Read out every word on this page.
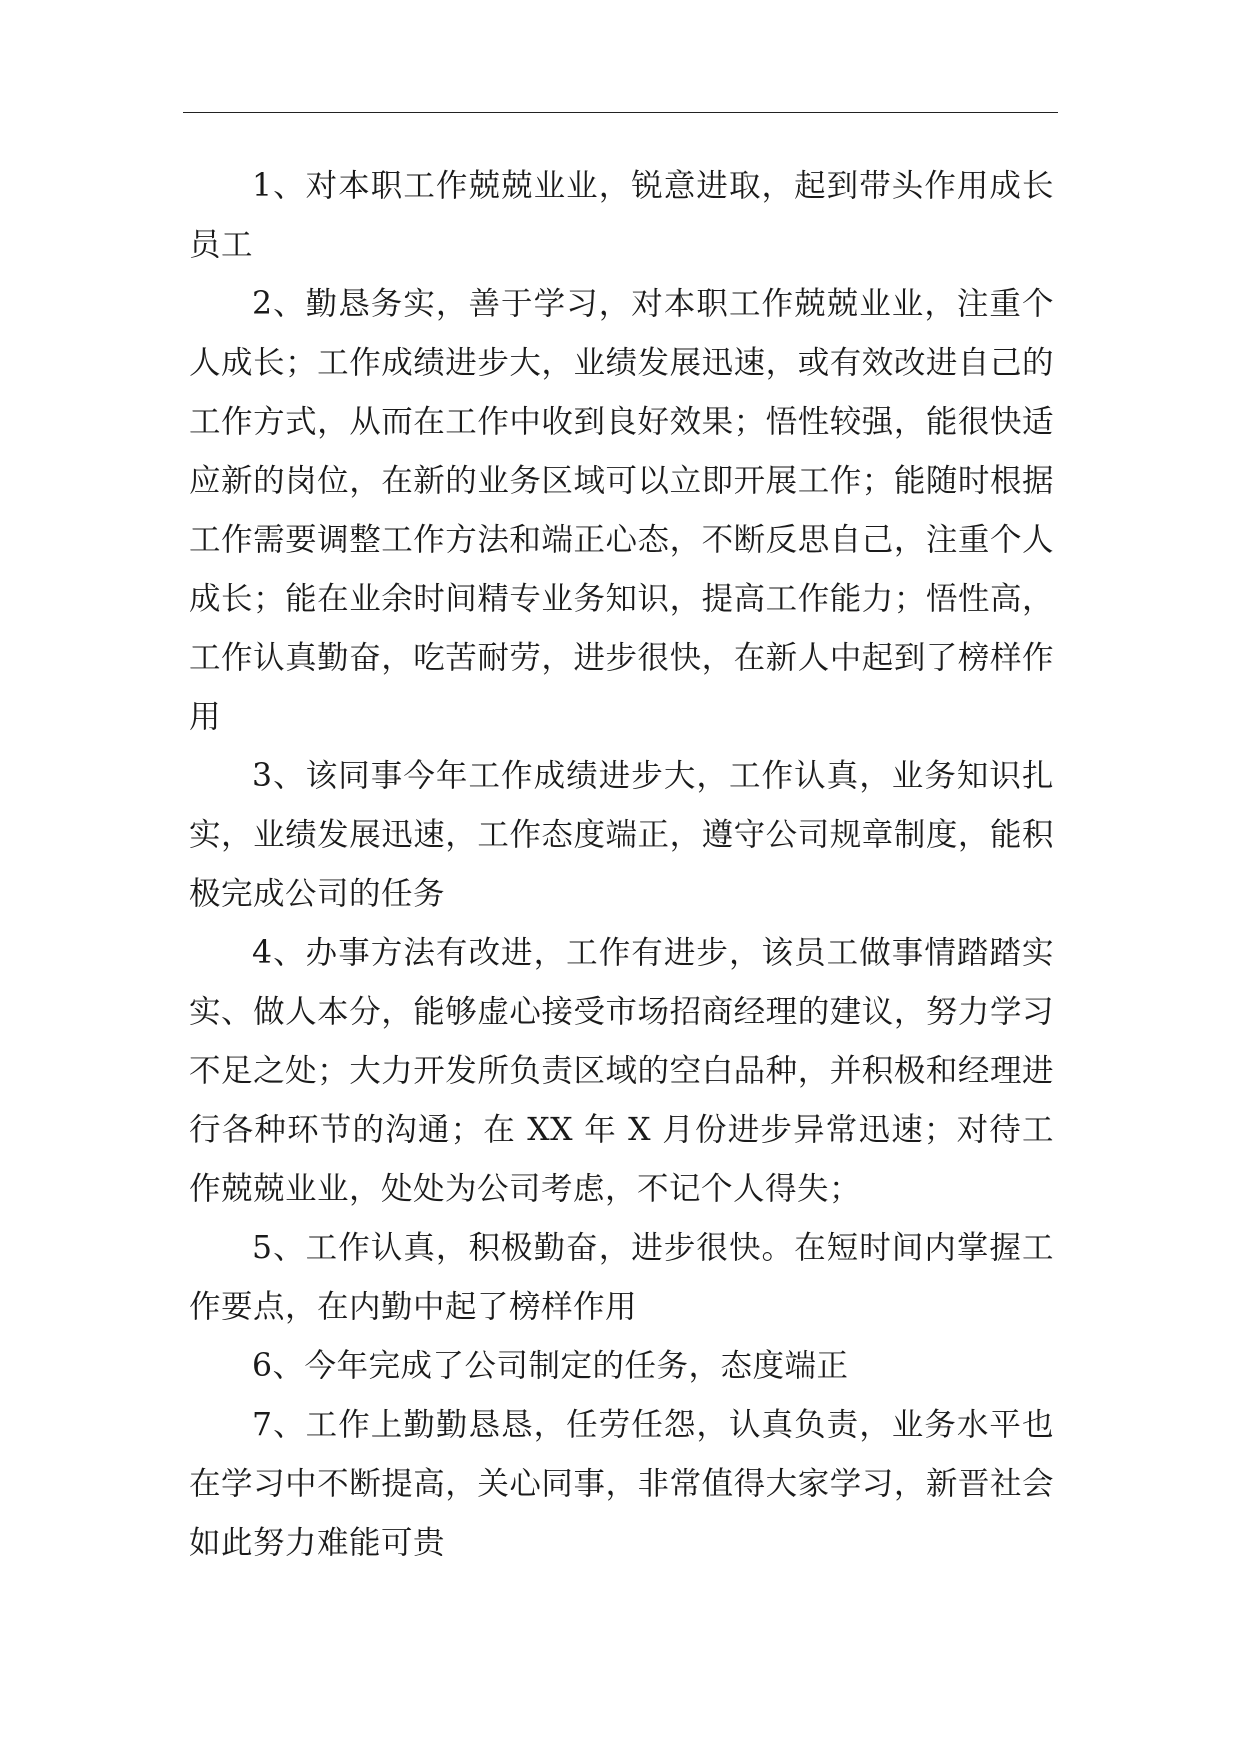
1、对本职工作兢兢业业，锐意进取，起到带头作用成长员工

2、勤恳务实，善于学习，对本职工作兢兢业业，注重个人成长；工作成绩进步大，业绩发展迅速，或有效改进自己的工作方式，从而在工作中收到良好效果；悟性较强，能很快适应新的岗位，在新的业务区域可以立即开展工作；能随时根据工作需要调整工作方法和端正心态，不断反思自己，注重个人成长；能在业余时间精专业务知识，提高工作能力；悟性高，工作认真勤奋，吃苦耐劳，进步很快，在新人中起到了榜样作用

3、该同事今年工作成绩进步大，工作认真，业务知识扎实，业绩发展迅速，工作态度端正，遵守公司规章制度，能积极完成公司的任务

4、办事方法有改进，工作有进步，该员工做事情踏踏实实、做人本分，能够虚心接受市场招商经理的建议，努力学习不足之处；大力开发所负责区域的空白品种，并积极和经理进行各种环节的沟通；在 XX 年 X 月份进步异常迅速；对待工作兢兢业业，处处为公司考虑，不记个人得失；

5、工作认真，积极勤奋，进步很快。在短时间内掌握工作要点，在内勤中起了榜样作用

6、今年完成了公司制定的任务，态度端正

7、工作上勤勤恳恳，任劳任怨，认真负责，业务水平也在学习中不断提高，关心同事，非常值得大家学习，新晋社会如此努力难能可贵
